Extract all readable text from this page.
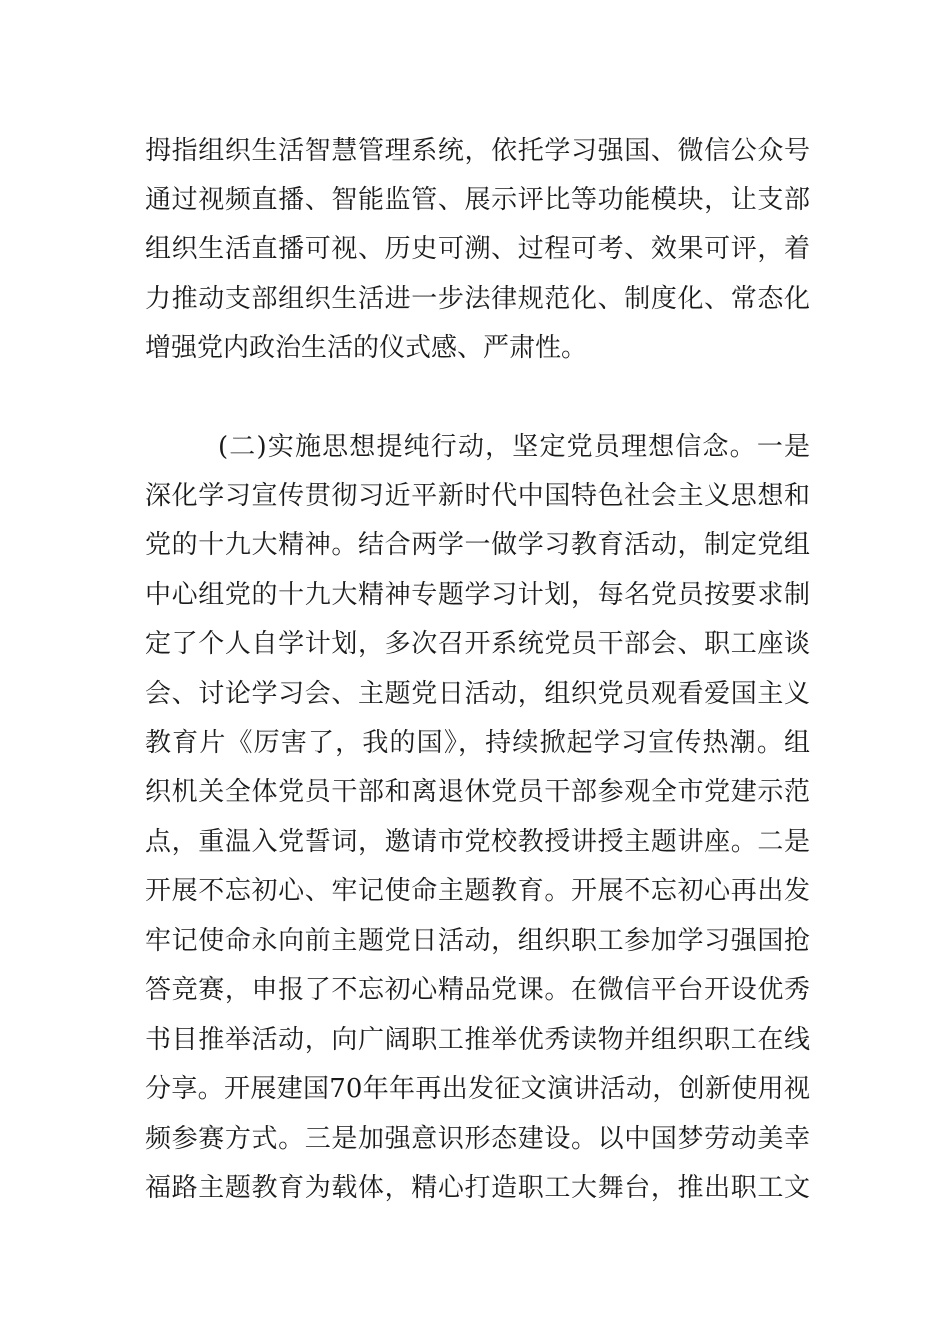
拇指组织生活智慧管理系统，依托学习强国、微信公众号
通过视频直播、智能监管、展示评比等功能模块，让支部
组织生活直播可视、历史可溯、过程可考、效果可评，着
力推动支部组织生活进一步法律规范化、制度化、常态化
增强党内政治生活的仪式感、严肃性。
(二)实施思想提纯行动，坚定党员理想信念。一是
深化学习宣传贯彻习近平新时代中国特色社会主义思想和
党的十九大精神。结合两学一做学习教育活动，制定党组
中心组党的十九大精神专题学习计划，每名党员按要求制
定了个人自学计划，多次召开系统党员干部会、职工座谈
会、讨论学习会、主题党日活动，组织党员观看爱国主义
教育片《厉害了，我的国》，持续掀起学习宣传热潮。组
织机关全体党员干部和离退休党员干部参观全市党建示范
点，重温入党誓词，邀请市党校教授讲授主题讲座。二是
开展不忘初心、牢记使命主题教育。开展不忘初心再出发
牢记使命永向前主题党日活动，组织职工参加学习强国抢
答竞赛，申报了不忘初心精品党课。在微信平台开设优秀
书目推举活动，向广阔职工推举优秀读物并组织职工在线
分享。开展建国70年年再出发征文演讲活动，创新使用视
频参赛方式。三是加强意识形态建设。以中国梦劳动美幸
福路主题教育为载体，精心打造职工大舞台，推出职工文
